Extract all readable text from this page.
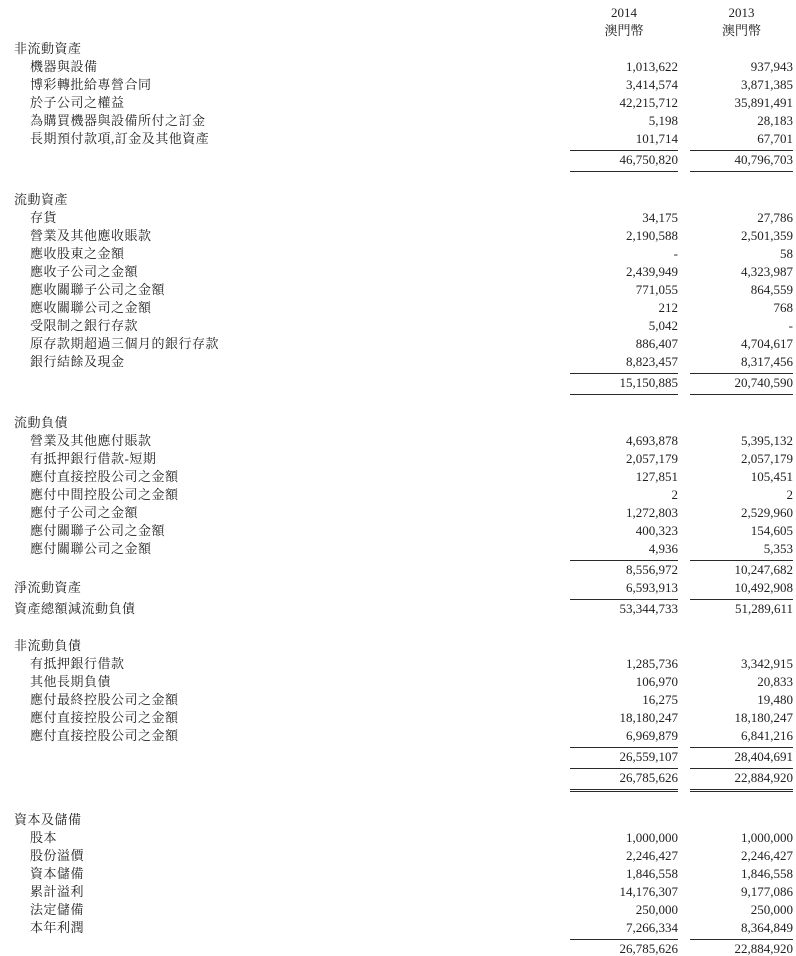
2014	2013
澳門幣	澳門幣
非流動資產
機器與設備	1,013,622	937,943
博彩轉批給專營合同	3,414,574	3,871,385
於子公司之權益	42,215,712	35,891,491
為購買機器與設備所付之訂金	5,198	28,183
長期預付款項,訂金及其他資產	101,714	67,701
46,750,820	40,796,703
流動資產
存貨	34,175	27,786
營業及其他應收賬款	2,190,588	2,501,359
應收股東之金額	-	58
應收子公司之金額	2,439,949	4,323,987
應收關聯子公司之金額	771,055	864,559
應收關聯公司之金額	212	768
受限制之銀行存款	5,042	-
原存款期超過三個月的銀行存款	886,407	4,704,617
銀行結餘及現金	8,823,457	8,317,456
15,150,885	20,740,590
流動負債
營業及其他應付賬款	4,693,878	5,395,132
有抵押銀行借款-短期	2,057,179	2,057,179
應付直接控股公司之金額	127,851	105,451
應付中間控股公司之金額	2	2
應付子公司之金額	1,272,803	2,529,960
應付關聯子公司之金額	400,323	154,605
應付關聯公司之金額	4,936	5,353
8,556,972	10,247,682
淨流動資產	6,593,913	10,492,908
資產總額減流動負債	53,344,733	51,289,611
非流動負債
有抵押銀行借款	1,285,736	3,342,915
其他長期負債	106,970	20,833
應付最終控股公司之金額	16,275	19,480
應付直接控股公司之金額	18,180,247	18,180,247
應付直接控股公司之金額	6,969,879	6,841,216
26,559,107	28,404,691
26,785,626	22,884,920
資本及儲備
股本	1,000,000	1,000,000
股份溢價	2,246,427	2,246,427
資本儲備	1,846,558	1,846,558
累計溢利	14,176,307	9,177,086
法定儲備	250,000	250,000
本年利潤	7,266,334	8,364,849
26,785,626	22,884,920
